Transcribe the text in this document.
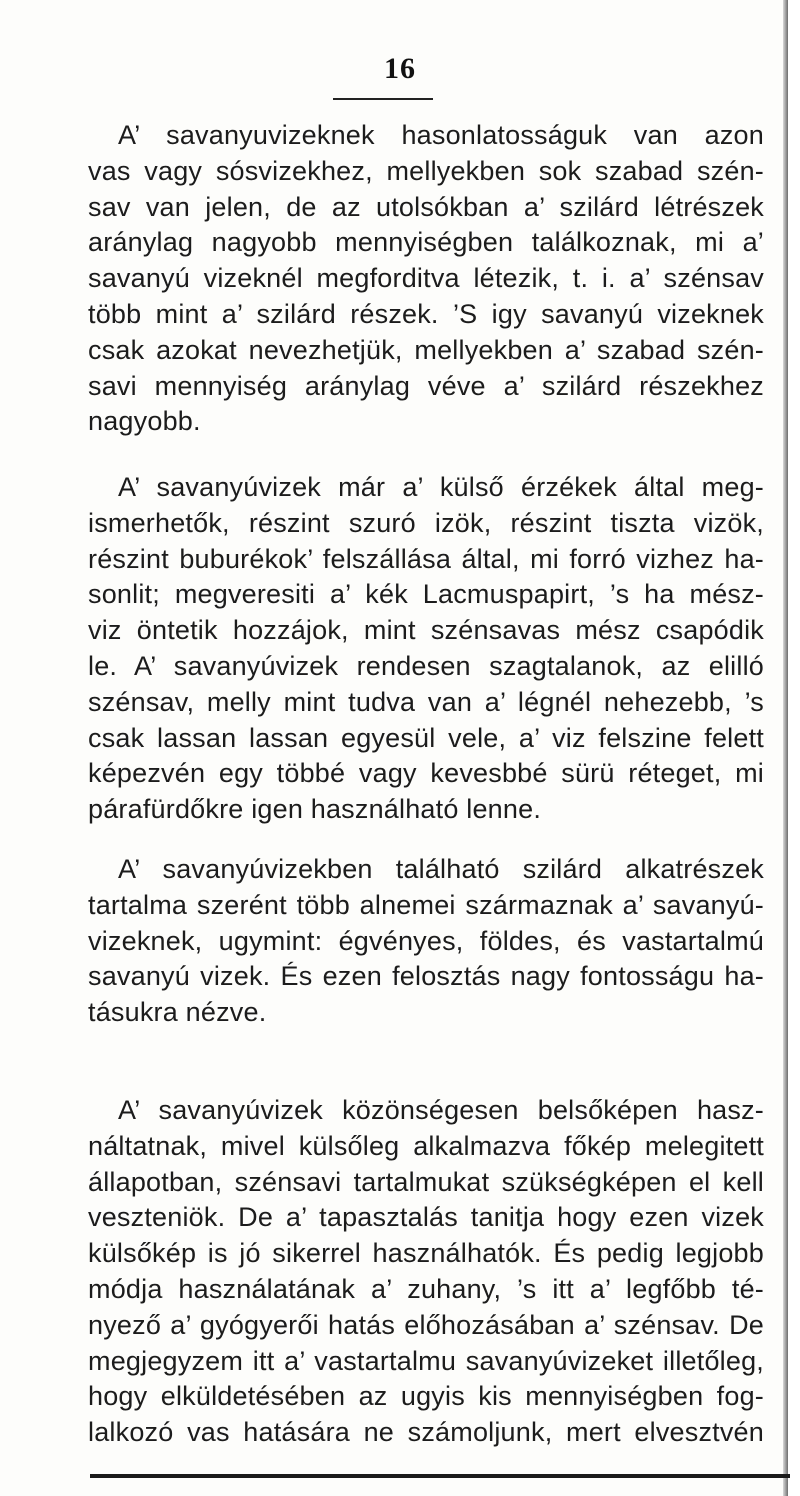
16
A’ savanyuvizeknek hasonlatosságuk van azon
vas vagy sósvizekhez, mellyekben sok szabad szén-
sav van jelen, de az utolsókban a’ szilárd létrészek
aránylag nagyobb mennyiségben találkoznak, mi a’
savanyú vizeknél megforditva létezik, t. i. a’ szénsav
több mint a’ szilárd részek. ’S igy savanyú vizeknek
csak azokat nevezhetjük, mellyekben a’ szabad szén-
savi mennyiség aránylag véve a’ szilárd részekhez
nagyobb.
A’ savanyúvizek már a’ külső érzékek által meg-
ismerhetők, részint szuró izök, részint tiszta vizök,
részint buburékok’ felszállása által, mi forró vizhez ha-
sonlit; megveresiti a’ kék Lacmuspapirt, ’s ha mész-
viz öntetik hozzájok, mint szénsavas mész csapódik
le. A’ savanyúvizek rendesen szagtalanok, az elilló
szénsav, melly mint tudva van a’ légnél nehezebb, ’s
csak lassan lassan egyesül vele, a’ viz felszine felett
képezvén egy többé vagy kevesbbé sürü réteget, mi
párafürdőkre igen használható lenne.
A’ savanyúvizekben található szilárd alkatrészek
tartalma szerént több alnemei származnak a’ savanyú-
vizeknek, ugymint: égvényes, földes, és vastartalmú
savanyú vizek. És ezen felosztás nagy fontosságu ha-
tásukra nézve.
A’ savanyúvizek közönségesen belsőképen hasz-
náltatnak, mivel külsőleg alkalmazva főkép melegitett
állapotban, szénsavi tartalmukat szükségképen el kell
veszteniök. De a’ tapasztalás tanitja hogy ezen vizek
külsőkép is jó sikerrel használhatók. És pedig legjobb
módja használatának a’ zuhany, ’s itt a’ legfőbb té-
nyező a’ gyógyerői hatás előhozásában a’ szénsav. De
megjegyzem itt a’ vastartalmu savanyúvizeket illetőleg,
hogy elküldetésében az ugyis kis mennyiségben fog-
lalkozó vas hatására ne számoljunk, mert elvesztvén
